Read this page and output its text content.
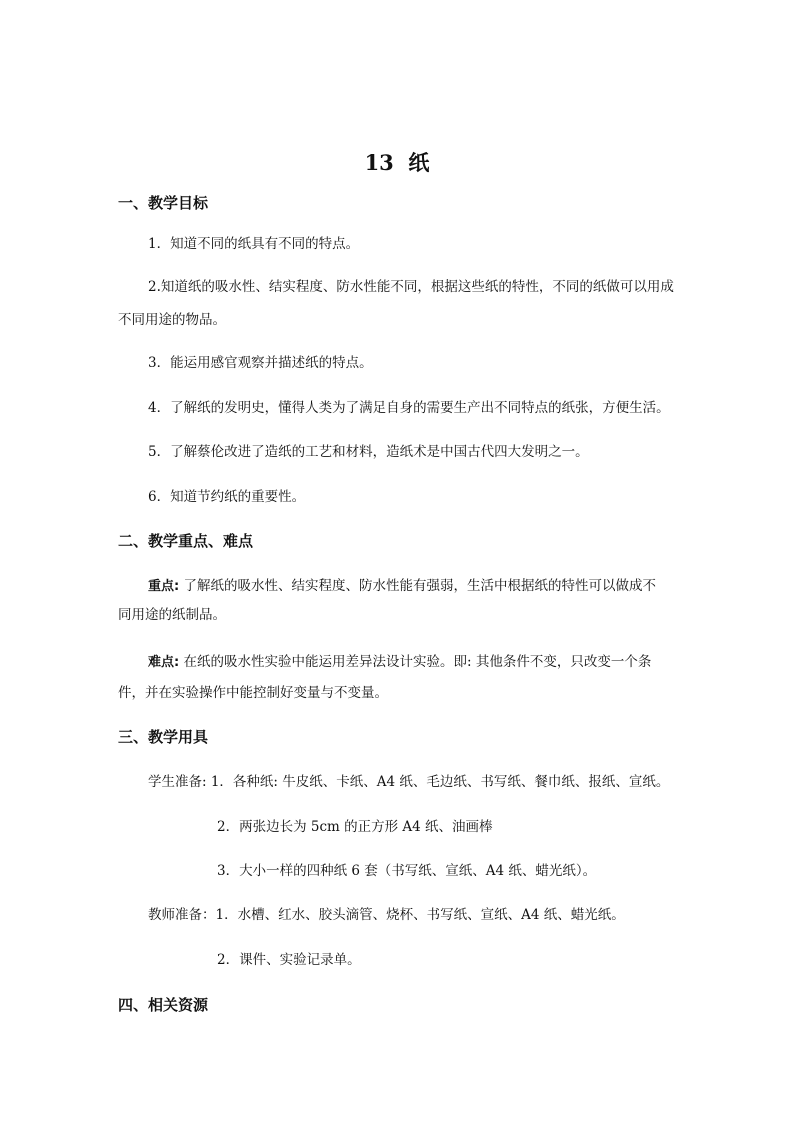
13  纸
一、教学目标
1．知道不同的纸具有不同的特点。
2.知道纸的吸水性、结实程度、防水性能不同，根据这些纸的特性，不同的纸做可以用成
不同用途的物品。
3．能运用感官观察并描述纸的特点。
4．了解纸的发明史，懂得人类为了满足自身的需要生产出不同特点的纸张，方便生活。
5．了解蔡伦改进了造纸的工艺和材料，造纸术是中国古代四大发明之一。
6．知道节约纸的重要性。
二、教学重点、难点
重点: 了解纸的吸水性、结实程度、防水性能有强弱，生活中根据纸的特性可以做成不
同用途的纸制品。
难点: 在纸的吸水性实验中能运用差异法设计实验。即: 其他条件不变，只改变一个条
件，并在实验操作中能控制好变量与不变量。
三、教学用具
学生准备: 1．各种纸: 牛皮纸、卡纸、A4 纸、毛边纸、书写纸、餐巾纸、报纸、宣纸。
2．两张边长为 5cm 的正方形 A4 纸、油画棒
3．大小一样的四种纸 6 套（书写纸、宣纸、A4 纸、蜡光纸）。
教师准备：1．水槽、红水、胶头滴管、烧杯、书写纸、宣纸、A4 纸、蜡光纸。
2．课件、实验记录单。
四、相关资源
